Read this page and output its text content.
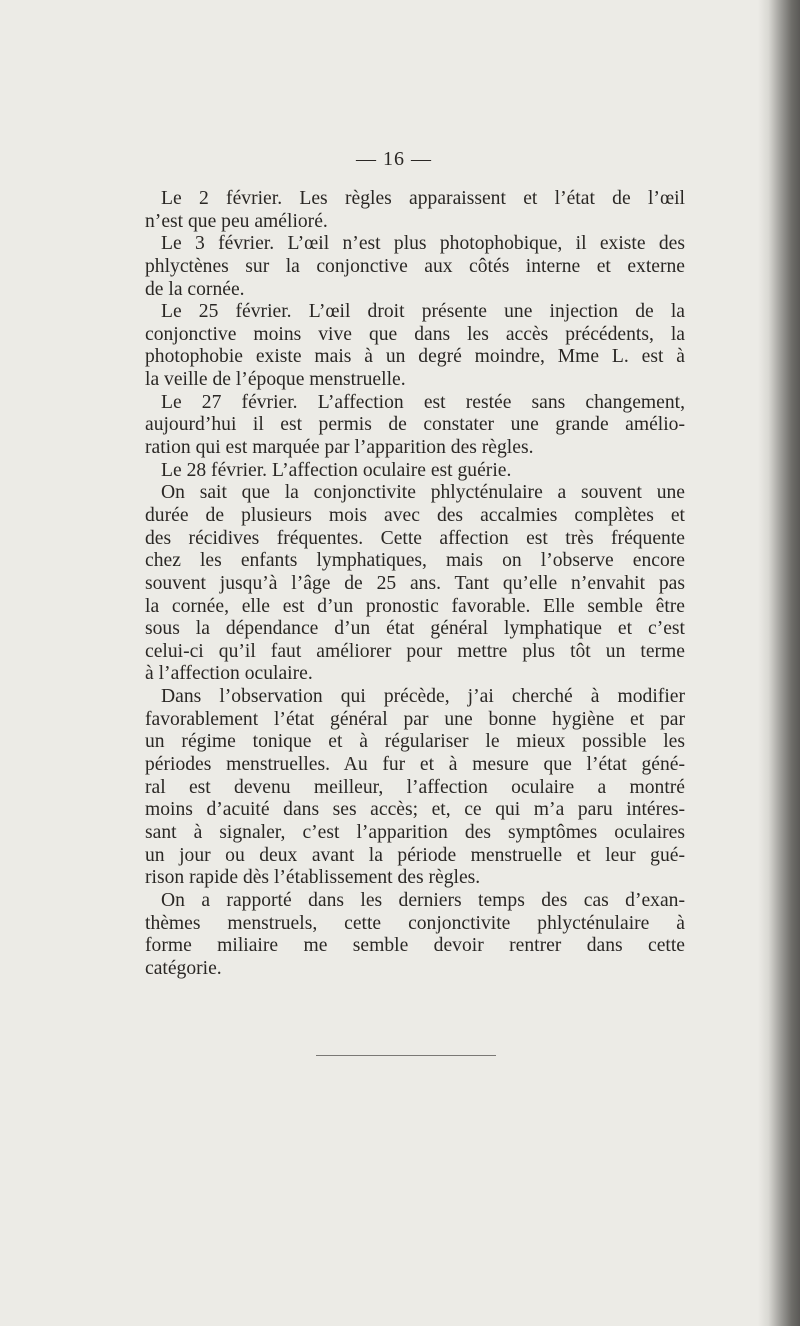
— 16 —
Le 2 février. Les règles apparaissent et l’état de l’œil
n’est que peu amélioré.
Le 3 février. L’œil n’est plus photophobique, il existe des
phlyctènes sur la conjonctive aux côtés interne et externe
de la cornée.
Le 25 février. L’œil droit présente une injection de la
conjonctive moins vive que dans les accès précédents, la
photophobie existe mais à un degré moindre, Mme L. est à
la veille de l’époque menstruelle.
Le 27 février. L’affection est restée sans changement,
aujourd’hui il est permis de constater une grande amélio-
ration qui est marquée par l’apparition des règles.
Le 28 février. L’affection oculaire est guérie.
On sait que la conjonctivite phlycténulaire a souvent une
durée de plusieurs mois avec des accalmies complètes et
des récidives fréquentes. Cette affection est très fréquente
chez les enfants lymphatiques, mais on l’observe encore
souvent jusqu’à l’âge de 25 ans. Tant qu’elle n’envahit pas
la cornée, elle est d’un pronostic favorable. Elle semble être
sous la dépendance d’un état général lymphatique et c’est
celui-ci qu’il faut améliorer pour mettre plus tôt un terme
à l’affection oculaire.
Dans l’observation qui précède, j’ai cherché à modifier
favorablement l’état général par une bonne hygiène et par
un régime tonique et à régulariser le mieux possible les
périodes menstruelles. Au fur et à mesure que l’état géné-
ral est devenu meilleur, l’affection oculaire a montré
moins d’acuité dans ses accès; et, ce qui m’a paru intéres-
sant à signaler, c’est l’apparition des symptômes oculaires
un jour ou deux avant la période menstruelle et leur gué-
rison rapide dès l’établissement des règles.
On a rapporté dans les derniers temps des cas d’exan-
thèmes menstruels, cette conjonctivite phlycténulaire à
forme miliaire me semble devoir rentrer dans cette
catégorie.
